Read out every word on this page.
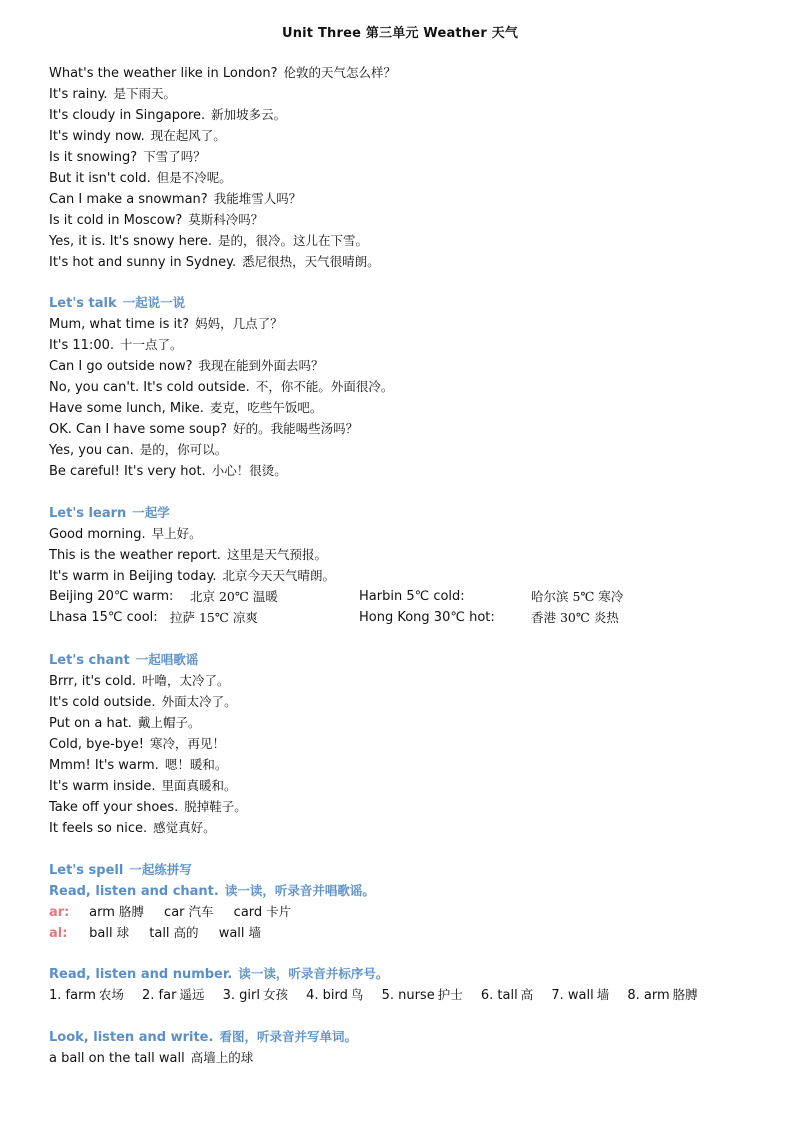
Unit Three 第三单元 Weather 天气
What's the weather like in London? 伦敦的天气怎么样？
It's rainy. 是下雨天。
It's cloudy in Singapore. 新加坡多云。
It's windy now. 现在起风了。
Is it snowing? 下雪了吗？
But it isn't cold. 但是不冷呢。
Can I make a snowman? 我能堆雪人吗？
Is it cold in Moscow? 莫斯科冷吗？
Yes, it is. It's snowy here. 是的，很冷。这儿在下雪。
It's hot and sunny in Sydney. 悉尼很热，天气很晴朗。
Let's talk 一起说一说
Mum, what time is it? 妈妈，几点了？
It's 11:00. 十一点了。
Can I go outside now? 我现在能到外面去吗？
No, you can't. It's cold outside. 不，你不能。外面很冷。
Have some lunch, Mike. 麦克，吃些午饭吧。
OK. Can I have some soup? 好的。我能喝些汤吗？
Yes, you can. 是的，你可以。
Be careful! It's very hot. 小心！很烫。
Let's learn 一起学
Good morning. 早上好。
This is the weather report. 这里是天气预报。
It's warm in Beijing today. 北京今天天气晴朗。
Beijing 20℃ warm: 北京 20℃ 温暖	Harbin 5℃ cold:	哈尔滨 5℃ 寒冷
Lhasa 15℃ cool: 拉萨 15℃ 凉爽	Hong Kong 30℃ hot:	香港 30℃ 炎热
Let's chant 一起唱歌谣
Brrr, it's cold. 叶噜，太冷了。
It's cold outside. 外面太冷了。
Put on a hat. 戴上帽子。
Cold, bye-bye! 寒冷，再见！
Mmm! It's warm. 嗯！暖和。
It's warm inside. 里面真暖和。
Take off your shoes. 脱掉鞋子。
It feels so nice. 感觉真好。
Let's spell 一起练拼写
Read, listen and chant. 读一读，听录音并唱歌谣。
ar: arm 胳膊 car 汽车 card 卡片
al: ball 球 tall 高的 wall 墙
Read, listen and number. 读一读，听录音并标序号。
1. farm 农场 2. far 遥远 3. girl 女孩 4. bird 鸟 5. nurse 护士 6. tall 高 7. wall 墙 8. arm 胳膊
Look, listen and write. 看图，听录音并写单词。
a ball on the tall wall 高墙上的球
